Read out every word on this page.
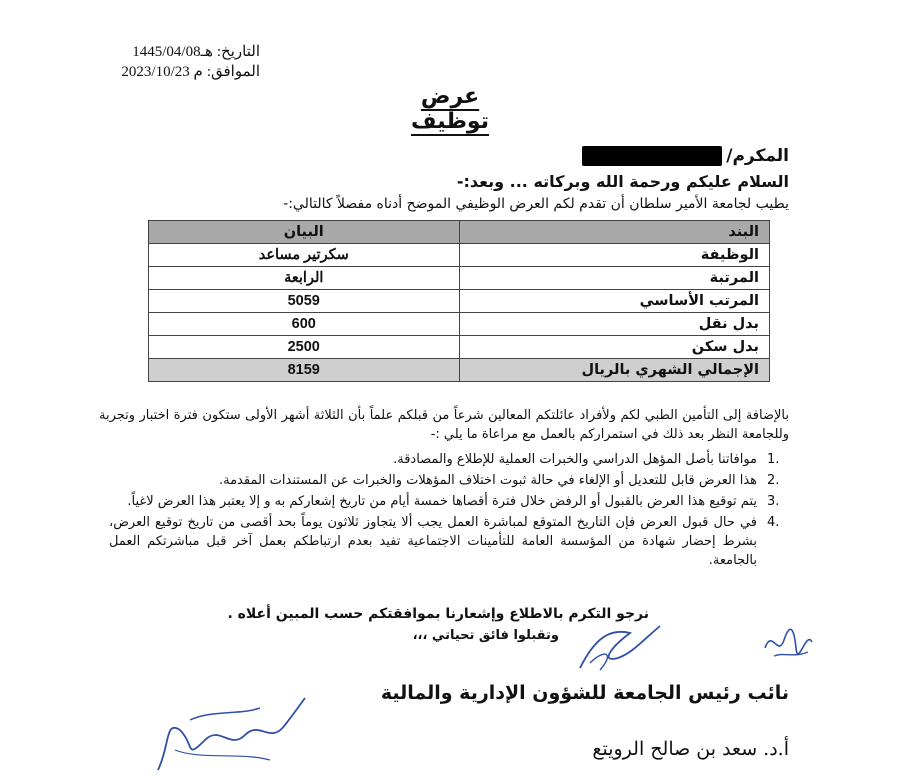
التاريخ:
1445/04/08هـ
الموافق:
2023/10/23 م
عرض توظيف
المكرم/
السلام عليكم ورحمة الله وبركاته ... وبعد:-
يطيب لجامعة الأمير سلطان أن تقدم لكم العرض الوظيفي الموضح أدناه مفصلاً كالتالي:-
البند	البيان
الوظيفة	سكرتير مساعد
المرتبة	الرابعة
المرتب الأساسي	5059
بدل نقل	600
بدل سكن	2500
الإجمالي الشهري بالريال	8159
بالإضافة إلى التأمين الطبي لكم ولأفراد عائلتكم المعالين شرعاً من قبلكم علماً بأن الثلاثة أشهر الأولى ستكون فترة اختبار وتجربة وللجامعة النظر بعد ذلك في استمراركم بالعمل مع مراعاة ما يلي :-
.1
موافاتنا بأصل المؤهل الدراسي والخبرات العملية للإطلاع والمصادقة.
.2
هذا العرض قابل للتعديل أو الإلغاء في حالة ثبوت اختلاف المؤهلات والخبرات عن المستندات المقدمة.
.3
يتم توقيع هذا العرض بالقبول أو الرفض خلال فترة أقصاها خمسة أيام من تاريخ إشعاركم به و إلا يعتبر هذا العرض لاغياً.
.4
في حال قبول العرض فإن التاريخ المتوقع لمباشرة العمل يجب ألا يتجاوز ثلاثون يوماً بحد أقصى من تاريخ توقيع العرض، بشرط إحضار شهادة من المؤسسة العامة للتأمينات الاجتماعية تفيد بعدم ارتباطكم بعمل آخر قبل مباشرتكم العمل بالجامعة.
نرجو التكرم بالاطلاع وإشعارنا بموافقتكم حسب المبين أعلاه .
وتقبلوا فائق تحياتي ،،،
نائب رئيس الجامعة للشؤون الإدارية والمالية
أ.د. سعد بن صالح الرويتع
